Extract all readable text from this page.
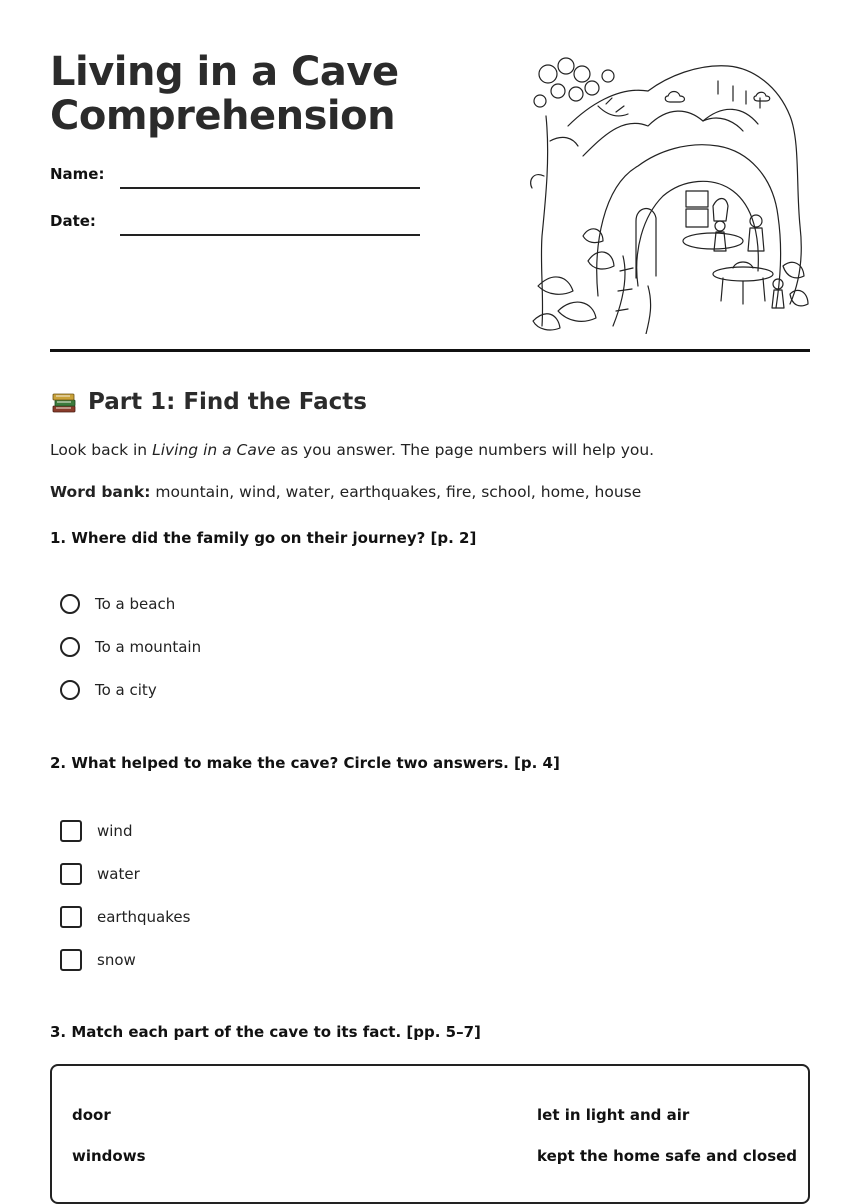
Living in a Cave
Comprehension
Name:
Date:
Part 1: Find the Facts

Look back in Living in a Cave as you answer. The page numbers will help you.

Word bank: mountain, wind, water, earthquakes, fire, school, home, house

1. Where did the family go on their journey? [p. 2]

To a beach
To a mountain
To a city

2. What helped to make the cave? Circle two answers. [p. 4]

wind
water
earthquakes
snow

3. Match each part of the cave to its fact. [pp. 5–7]

door
windows
let in light and air
kept the home safe and closed
